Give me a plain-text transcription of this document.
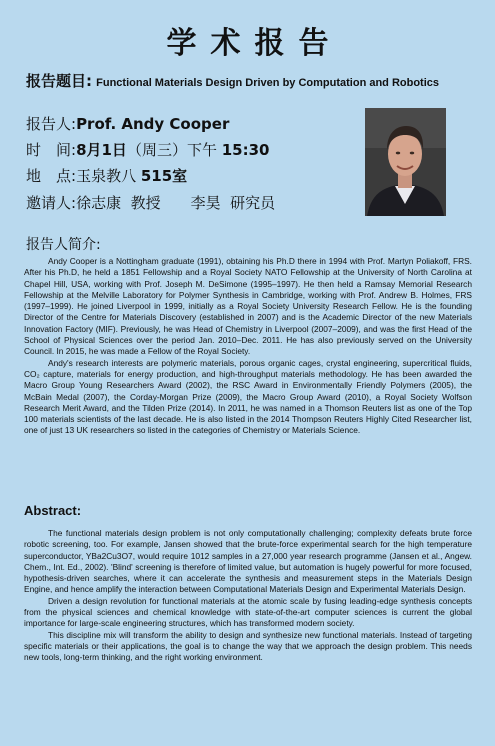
学术报告
报告题目: Functional Materials Design Driven by Computation and Robotics
报告人:Prof. Andy Cooper
时　间:8月1日（周三）下午 15:30
地　点:玉泉教八 515室
邀请人:徐志康  教授　　李昊  研究员
报告人简介:

Andy Cooper is a Nottingham graduate (1991), obtaining his Ph.D there in 1994 with Prof. Martyn Poliakoff, FRS. After his Ph.D, he held a 1851 Fellowship and a Royal Society NATO Fellowship at the University of North Carolina at Chapel Hill, USA, working with Prof. Joseph M. DeSimone (1995–1997). He then held a Ramsay Memorial Research Fellowship at the Melville Laboratory for Polymer Synthesis in Cambridge, working with Prof. Andrew B. Holmes, FRS (1997–1999). He joined Liverpool in 1999, initially as a Royal Society University Research Fellow. He is the founding Director of the Centre for Materials Discovery (established in 2007) and is the Academic Director of the new Materials Innovation Factory (MIF). Previously, he was Head of Chemistry in Liverpool (2007–2009), and was the first Head of the School of Physical Sciences over the period Jan. 2010–Dec. 2011. He has also previously served on the University Council. In 2015, he was made a Fellow of the Royal Society.

Andy's research interests are polymeric materials, porous organic cages, crystal engineering, supercritical fluids, CO₂ capture, materials for energy production, and high-throughput materials methodology. He has been awarded the Macro Group Young Researchers Award (2002), the RSC Award in Environmentally Friendly Polymers (2005), the McBain Medal (2007), the Corday-Morgan Prize (2009), the Macro Group Award (2010), a Royal Society Wolfson Research Merit Award, and the Tilden Prize (2014). In 2011, he was named in a Thomson Reuters list as one of the Top 100 materials scientists of the last decade. He is also listed in the 2014 Thompson Reuters Highly Cited Researcher list, one of just 13 UK researchers so listed in the categories of Chemistry or Materials Science.

Abstract:

The functional materials design problem is not only computationally challenging; complexity defeats brute force robotic screening, too. For example, Jansen showed that the brute-force experimental search for the high temperature superconductor, YBa2Cu3O7, would require 1012 samples in a 27,000 year research programme (Jansen et al., Angew. Chem., Int. Ed., 2002). 'Blind' screening is therefore of limited value, but automation is hugely powerful for more focused, hypothesis-driven searches, where it can accelerate the synthesis and measurement steps in the Materials Design Engine, and hence amplify the interaction between Computational Materials Design and Experimental Materials Design.

Driven a design revolution for functional materials at the atomic scale by fusing leading-edge synthesis concepts from the physical sciences and chemical knowledge with state-of-the-art computer sciences is current the global importance for large-scale engineering structures, which has transformed modern society.

This discipline mix will transform the ability to design and synthesize new functional materials. Instead of targeting specific materials or their applications, the goal is to change the way that we approach the design problem. This needs new tools, long-term thinking, and the right working environment.
